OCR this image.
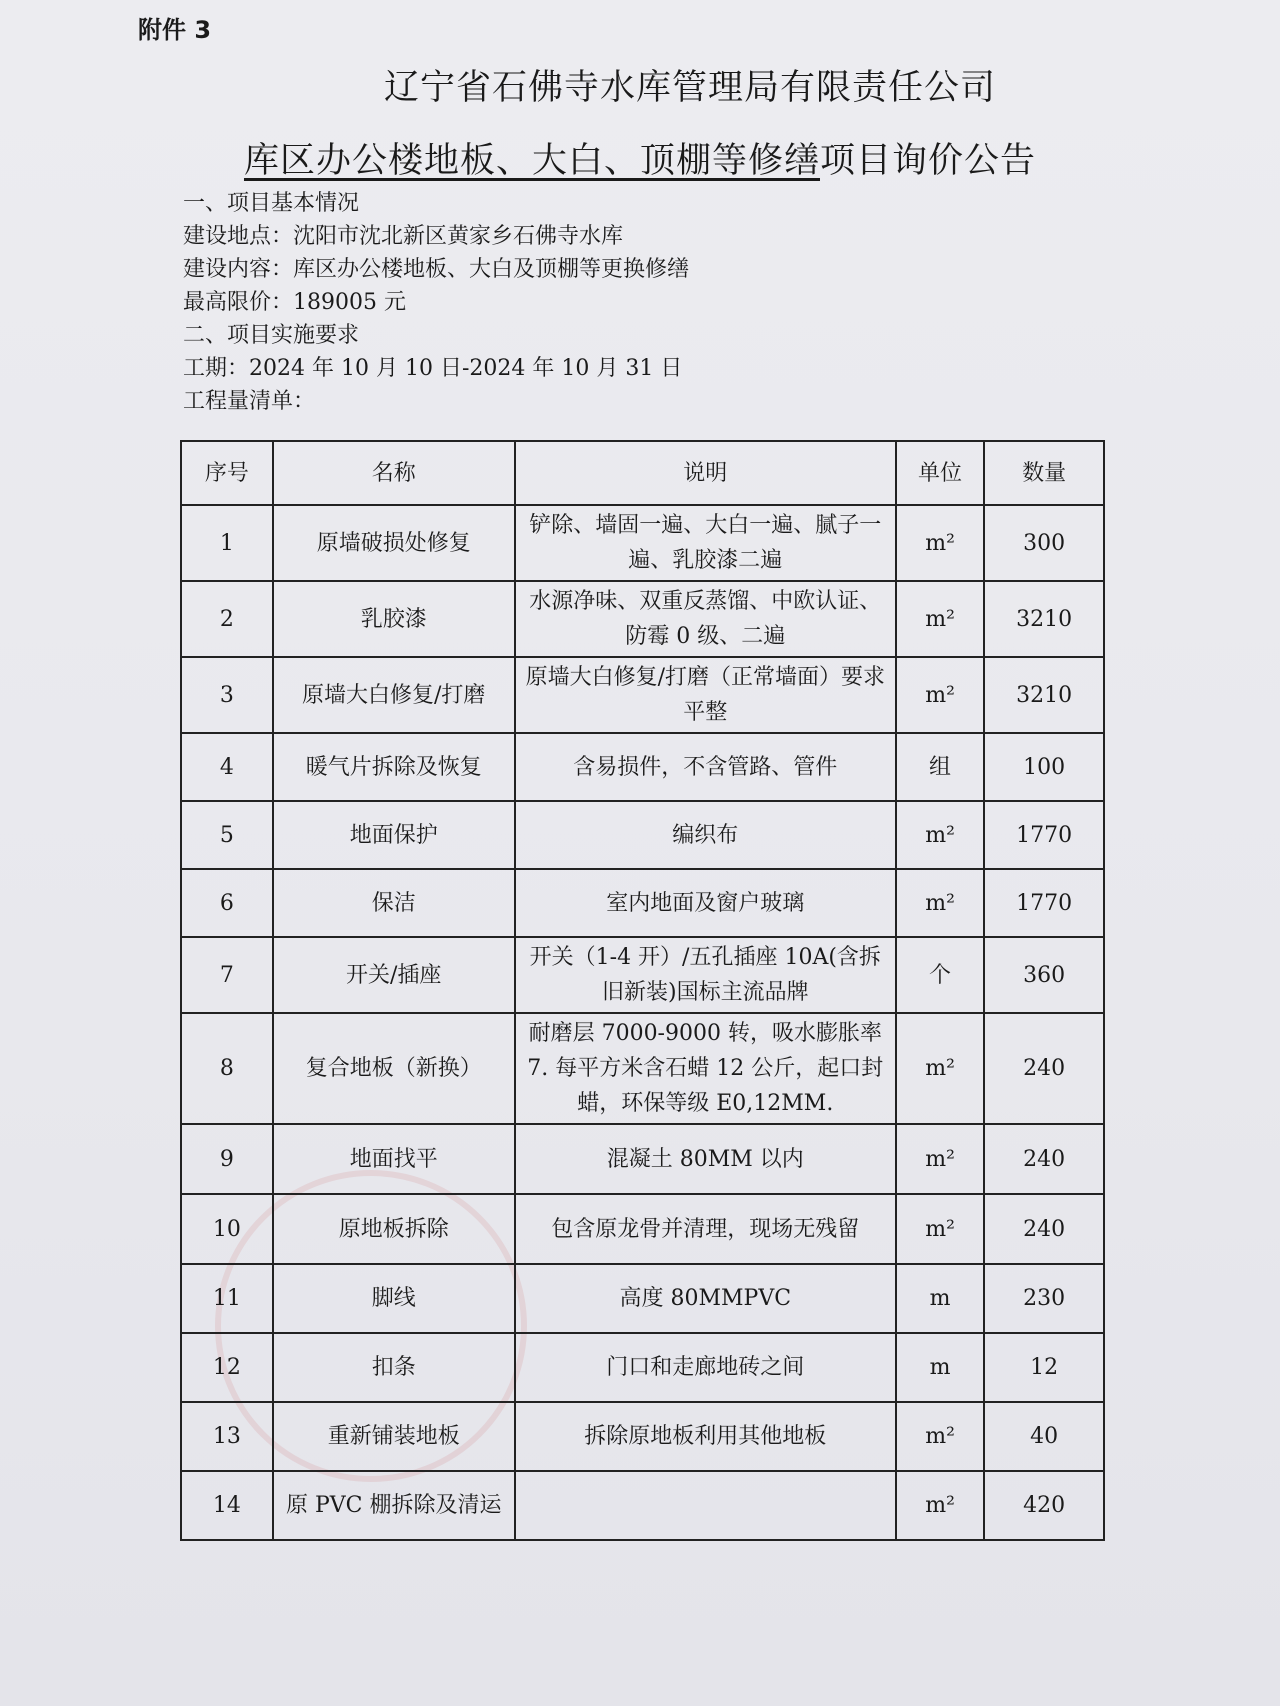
附件 3
辽宁省石佛寺水库管理局有限责任公司
库区办公楼地板、大白、顶棚等修缮项目询价公告
一、项目基本情况
建设地点：沈阳市沈北新区黄家乡石佛寺水库
建设内容：库区办公楼地板、大白及顶棚等更换修缮
最高限价：189005 元
二、项目实施要求
工期：2024 年 10 月 10 日-2024 年 10 月 31 日
工程量清单：
序号	名称	说明	单位	数量
1	原墙破损处修复	铲除、墙固一遍、大白一遍、腻子一遍、乳胶漆二遍	m²	300
2	乳胶漆	水源净味、双重反蒸馏、中欧认证、防霉 0 级、二遍	m²	3210
3	原墙大白修复/打磨	原墙大白修复/打磨（正常墙面）要求平整	m²	3210
4	暖气片拆除及恢复	含易损件，不含管路、管件	组	100
5	地面保护	编织布	m²	1770
6	保洁	室内地面及窗户玻璃	m²	1770
7	开关/插座	开关（1-4 开）/五孔插座 10A(含拆旧新装)国标主流品牌	个	360
8	复合地板（新换）	耐磨层 7000-9000 转，吸水膨胀率 7. 每平方米含石蜡 12 公斤，起口封蜡，环保等级 E0,12MM.	m²	240
9	地面找平	混凝土 80MM 以内	m²	240
10	原地板拆除	包含原龙骨并清理，现场无残留	m²	240
11	脚线	高度 80MMPVC	m	230
12	扣条	门口和走廊地砖之间	m	12
13	重新铺装地板	拆除原地板利用其他地板	m²	40
14	原 PVC 棚拆除及清运		m²	420
